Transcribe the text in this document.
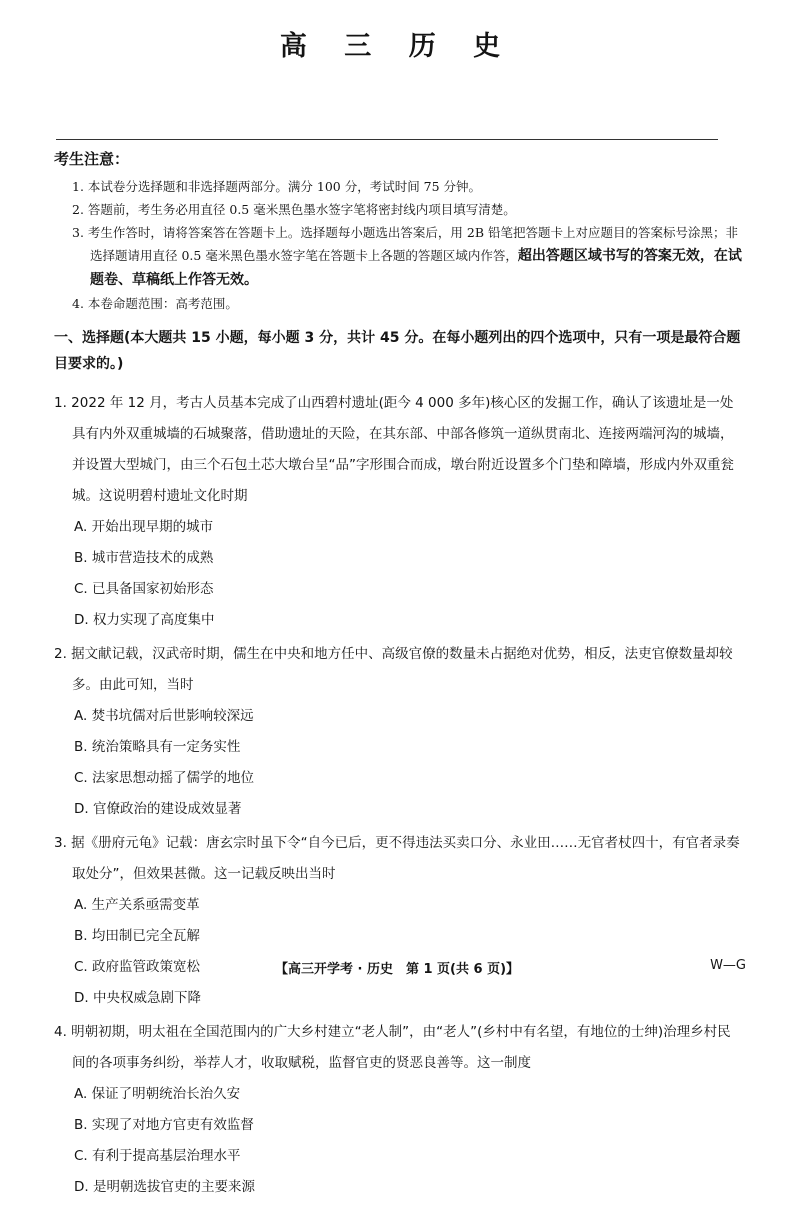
高 三 历 史
考生注意：
1. 本试卷分选择题和非选择题两部分。满分 100 分，考试时间 75 分钟。
2. 答题前，考生务必用直径 0.5 毫米黑色墨水签字笔将密封线内项目填写清楚。
3. 考生作答时，请将答案答在答题卡上。选择题每小题选出答案后，用 2B 铅笔把答题卡上对应题目的答案标号涂黑；非选择题请用直径 0.5 毫米黑色墨水签字笔在答题卡上各题的答题区域内作答，超出答题区域书写的答案无效，在试题卷、草稿纸上作答无效。
4. 本卷命题范围：高考范围。
一、选择题(本大题共 15 小题，每小题 3 分，共计 45 分。在每小题列出的四个选项中，只有一项是最符合题目要求的。)
1. 2022 年 12 月，考古人员基本完成了山西碧村遗址(距今 4 000 多年)核心区的发掘工作，确认了该遗址是一处具有内外双重城墙的石城聚落，借助遗址的天险，在其东部、中部各修筑一道纵贯南北、连接两端河沟的城墙，并设置大型城门，由三个石包土芯大墩台呈“品”字形围合而成，墩台附近设置多个门垫和障墙，形成内外双重瓮城。这说明碧村遗址文化时期
A. 开始出现早期的城市
B. 城市营造技术的成熟
C. 已具备国家初始形态
D. 权力实现了高度集中
2. 据文献记载，汉武帝时期，儒生在中央和地方任中、高级官僚的数量未占据绝对优势，相反，法吏官僚数量却较多。由此可知，当时
A. 焚书坑儒对后世影响较深远
B. 统治策略具有一定务实性
C. 法家思想动摇了儒学的地位
D. 官僚政治的建设成效显著
3. 据《册府元龟》记载：唐玄宗时虽下令“自今已后，更不得违法买卖口分、永业田……无官者杖四十，有官者录奏取处分”，但效果甚微。这一记载反映出当时
A. 生产关系亟需变革
B. 均田制已完全瓦解
C. 政府监管政策宽松
D. 中央权威急剧下降
4. 明朝初期，明太祖在全国范围内的广大乡村建立“老人制”，由“老人”(乡村中有名望，有地位的士绅)治理乡村民间的各项事务纠纷，举荐人才，收取赋税，监督官吏的贤恶良善等。这一制度
A. 保证了明朝统治长治久安
B. 实现了对地方官吏有效监督
C. 有利于提高基层治理水平
D. 是明朝选拔官吏的主要来源
【高三开学考 · 历史　第 1 页(共 6 页)】	W—G
